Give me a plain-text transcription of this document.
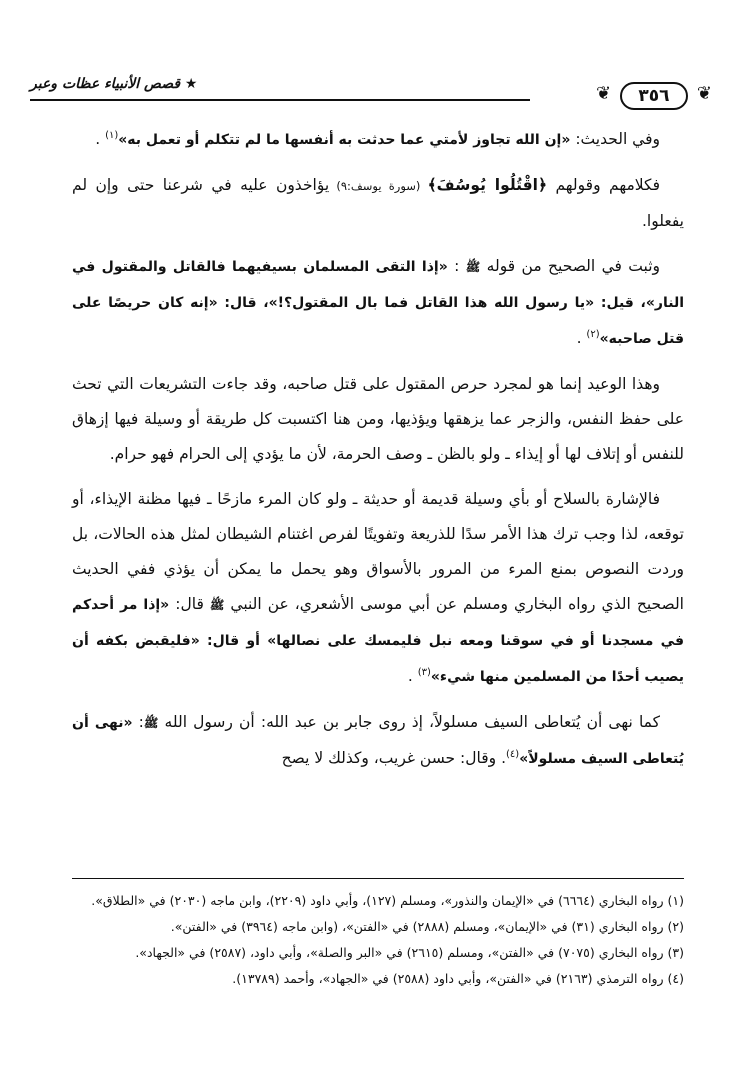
❦
٣٥٦
❦
★ قصص الأنبياء عظات وعبر

وفي الحديث: «إن الله تجاوز لأمتي عما حدثت به أنفسها ما لم تتكلم أو تعمل به»$^{(١)}$ .

فكلامهم وقولهم ﴿اقْتُلُوا يُوسُفَ﴾ (سورة يوسف:٩) يؤاخذون عليه في شرعنا حتى وإن لم يفعلوا.

وثبت في الصحيح من قوله ﷺ : «إذا التقى المسلمان بسيفيهما فالقاتل والمقتول في النار»، قيل: «يا رسول الله هذا القاتل فما بال المقتول؟!»، قال: «إنه كان حريصًا على قتل صاحبه»$^{(٢)}$ .

وهذا الوعيد إنما هو لمجرد حرص المقتول على قتل صاحبه، وقد جاءت التشريعات التي تحث على حفظ النفس، والزجر عما يزهقها ويؤذيها، ومن هنا اكتسبت كل طريقة أو وسيلة فيها إزهاق للنفس أو إتلاف لها أو إيذاء ـ ولو بالظن ـ وصف الحرمة، لأن ما يؤدي إلى الحرام فهو حرام.

فالإشارة بالسلاح أو بأي وسيلة قديمة أو حديثة ـ ولو كان المرء مازحًا ـ فيها مظنة الإيذاء، أو توقعه، لذا وجب ترك هذا الأمر سدًا للذريعة وتفويتًا لفرص اغتنام الشيطان لمثل هذه الحالات، بل وردت النصوص بمنع المرء من المرور بالأسواق وهو يحمل ما يمكن أن يؤذي ففي الحديث الصحيح الذي رواه البخاري ومسلم عن أبي موسى الأشعري، عن النبي ﷺ قال: «إذا مر أحدكم في مسجدنا أو في سوقنا ومعه نبل فليمسك على نصالها» أو قال: «فليقبض بكفه أن يصيب أحدًا من المسلمين منها شيء»$^{(٣)}$ .

كما نهى أن يُتعاطى السيف مسلولاً، إذ روى جابر بن عبد الله: أن رسول الله ﷺ: «نهى أن يُتعاطى السيف مسلولاً»$^{(٤)}$. وقال: حسن غريب، وكذلك لا يصح

(١) رواه البخاري (٦٦٦٤) في «الإيمان والنذور»، ومسلم (١٢٧)، وأبي داود (٢٢٠٩)، وابن ماجه (٢٠٣٠) في «الطلاق».
(٢) رواه البخاري (٣١) في «الإيمان»، ومسلم (٢٨٨٨) في «الفتن»، (وابن ماجه (٣٩٦٤) في «الفتن».
(٣) رواه البخاري (٧٠٧٥) في «الفتن»، ومسلم (٢٦١٥) في «البر والصلة»، وأبي داود، (٢٥٨٧) في «الجهاد».
(٤) رواه الترمذي (٢١٦٣) في «الفتن»، وأبي داود (٢٥٨٨) في «الجهاد»، وأحمد (١٣٧٨٩).
